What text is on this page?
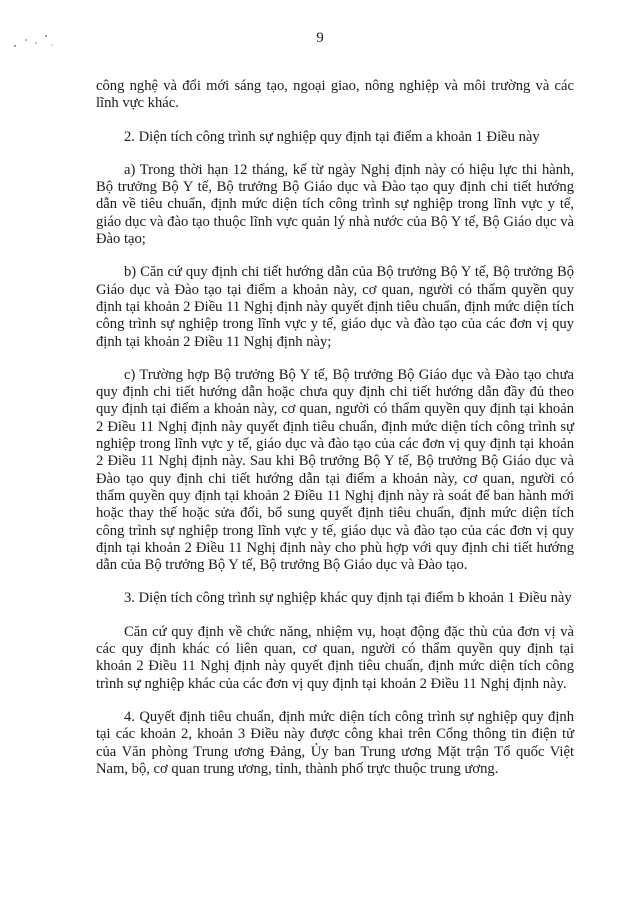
9

công nghệ và đổi mới sáng tạo, ngoại giao, nông nghiệp và môi trường và các lĩnh vực khác.

2. Diện tích công trình sự nghiệp quy định tại điểm a khoản 1 Điều này

a) Trong thời hạn 12 tháng, kể từ ngày Nghị định này có hiệu lực thi hành, Bộ trưởng Bộ Y tế, Bộ trưởng Bộ Giáo dục và Đào tạo quy định chi tiết hướng dẫn về tiêu chuẩn, định mức diện tích công trình sự nghiệp trong lĩnh vực y tế, giáo dục và đào tạo thuộc lĩnh vực quản lý nhà nước của Bộ Y tế, Bộ Giáo dục và Đào tạo;

b) Căn cứ quy định chi tiết hướng dẫn của Bộ trưởng Bộ Y tế, Bộ trưởng Bộ Giáo dục và Đào tạo tại điểm a khoản này, cơ quan, người có thẩm quyền quy định tại khoản 2 Điều 11 Nghị định này quyết định tiêu chuẩn, định mức diện tích công trình sự nghiệp trong lĩnh vực y tế, giáo dục và đào tạo của các đơn vị quy định tại khoản 2 Điều 11 Nghị định này;

c) Trường hợp Bộ trưởng Bộ Y tế, Bộ trưởng Bộ Giáo dục và Đào tạo chưa quy định chi tiết hướng dẫn hoặc chưa quy định chi tiết hướng dẫn đầy đủ theo quy định tại điểm a khoản này, cơ quan, người có thẩm quyền quy định tại khoản 2 Điều 11 Nghị định này quyết định tiêu chuẩn, định mức diện tích công trình sự nghiệp trong lĩnh vực y tế, giáo dục và đào tạo của các đơn vị quy định tại khoản 2 Điều 11 Nghị định này. Sau khi Bộ trưởng Bộ Y tế, Bộ trưởng Bộ Giáo dục và Đào tạo quy định chi tiết hướng dẫn tại điểm a khoản này, cơ quan, người có thẩm quyền quy định tại khoản 2 Điều 11 Nghị định này rà soát để ban hành mới hoặc thay thế hoặc sửa đổi, bổ sung quyết định tiêu chuẩn, định mức diện tích công trình sự nghiệp trong lĩnh vực y tế, giáo dục và đào tạo của các đơn vị quy định tại khoản 2 Điều 11 Nghị định này cho phù hợp với quy định chi tiết hướng dẫn của Bộ trưởng Bộ Y tế, Bộ trưởng Bộ Giáo dục và Đào tạo.

3. Diện tích công trình sự nghiệp khác quy định tại điểm b khoản 1 Điều này

Căn cứ quy định về chức năng, nhiệm vụ, hoạt động đặc thù của đơn vị và các quy định khác có liên quan, cơ quan, người có thẩm quyền quy định tại khoản 2 Điều 11 Nghị định này quyết định tiêu chuẩn, định mức diện tích công trình sự nghiệp khác của các đơn vị quy định tại khoản 2 Điều 11 Nghị định này.

4. Quyết định tiêu chuẩn, định mức diện tích công trình sự nghiệp quy định tại các khoản 2, khoản 3 Điều này được công khai trên Cổng thông tin điện tử của Văn phòng Trung ương Đảng, Ủy ban Trung ương Mặt trận Tổ quốc Việt Nam, bộ, cơ quan trung ương, tỉnh, thành phố trực thuộc trung ương.
